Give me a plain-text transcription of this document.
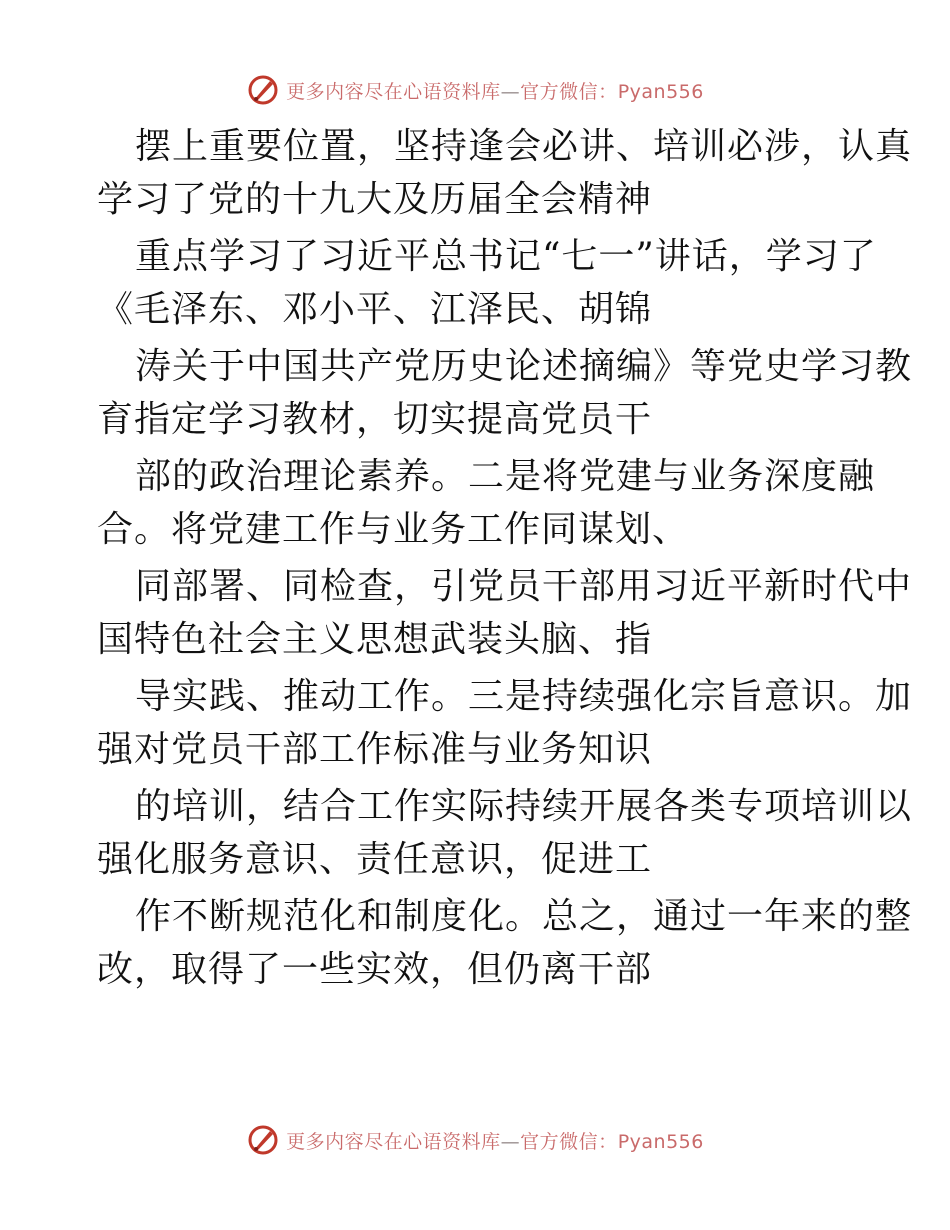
更多内容尽在心语资料库—官方微信：Pyan556

摆上重要位置，坚持逢会必讲、培训必涉，认真
学习了党的十九大及历届全会精神

重点学习了习近平总书记“七一”讲话，学习了
《毛泽东、邓小平、江泽民、胡锦

涛关于中国共产党历史论述摘编》等党史学习教
育指定学习教材，切实提高党员干

部的政治理论素养。二是将党建与业务深度融
合。将党建工作与业务工作同谋划、

同部署、同检查，引党员干部用习近平新时代中
国特色社会主义思想武装头脑、指

导实践、推动工作。三是持续强化宗旨意识。加
强对党员干部工作标准与业务知识

的培训，结合工作实际持续开展各类专项培训以
强化服务意识、责任意识，促进工

作不断规范化和制度化。总之，通过一年来的整
改，取得了一些实效，但仍离干部

更多内容尽在心语资料库—官方微信：Pyan556
